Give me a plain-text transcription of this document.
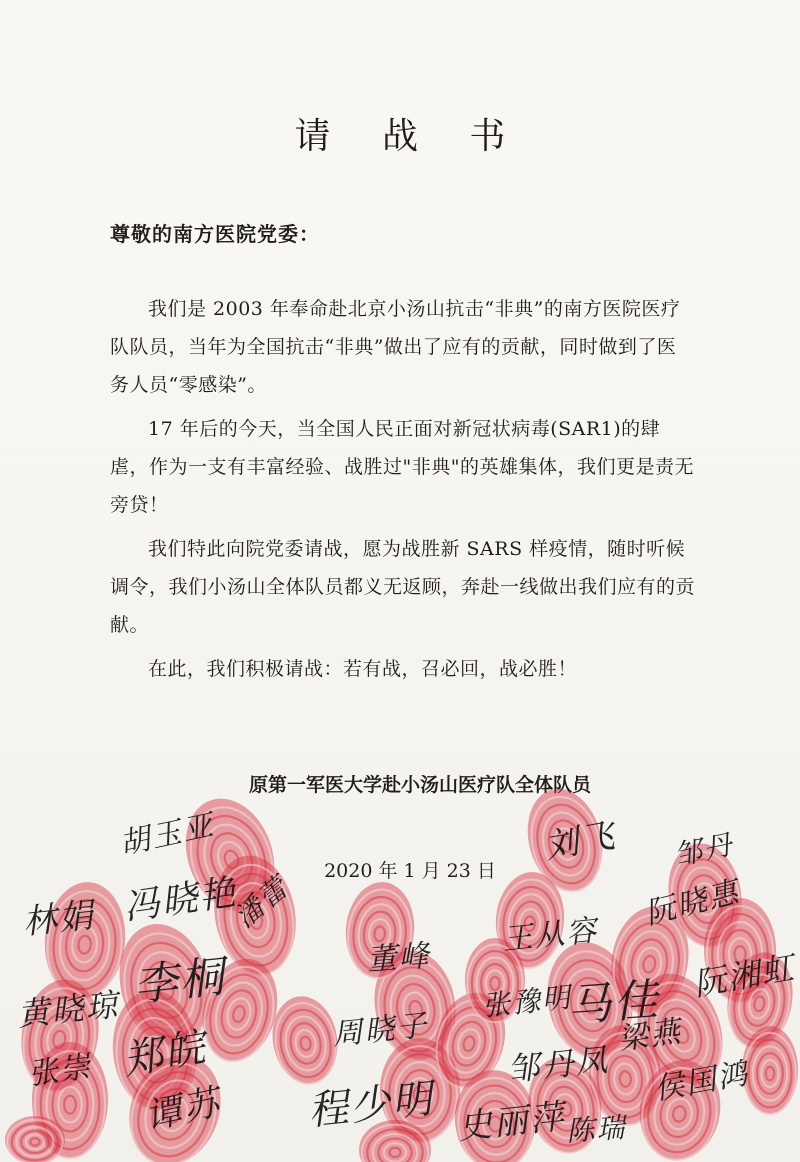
请 战 书
尊敬的南方医院党委：

我们是 2003 年奉命赴北京小汤山抗击“非典”的南方医院医疗队队员，当年为全国抗击“非典”做出了应有的贡献，同时做到了医务人员“零感染”。

17 年后的今天，当全国人民正面对新冠状病毒(SAR1)的肆虐，作为一支有丰富经验、战胜过"非典"的英雄集体，我们更是责无旁贷！

我们特此向院党委请战，愿为战胜新 SARS 样疫情，随时听候调令，我们小汤山全体队员都义无返顾，奔赴一线做出我们应有的贡献。

在此，我们积极请战：若有战，召必回，战必胜！

原第一军医大学赴小汤山医疗队全体队员
2020 年 1 月 23 日
刘飞
王从容
马佳
张豫明
梁燕
阮湘虹
阮晓惠
侯国鸿
邹丹
史丽萍
陈瑞
胡玉亚
冯晓艳
李桐
林娟
黄晓琼
郑皖
张崇
谭苏
周晓子
程少明
董峰
邹丹凤
潘蕾
